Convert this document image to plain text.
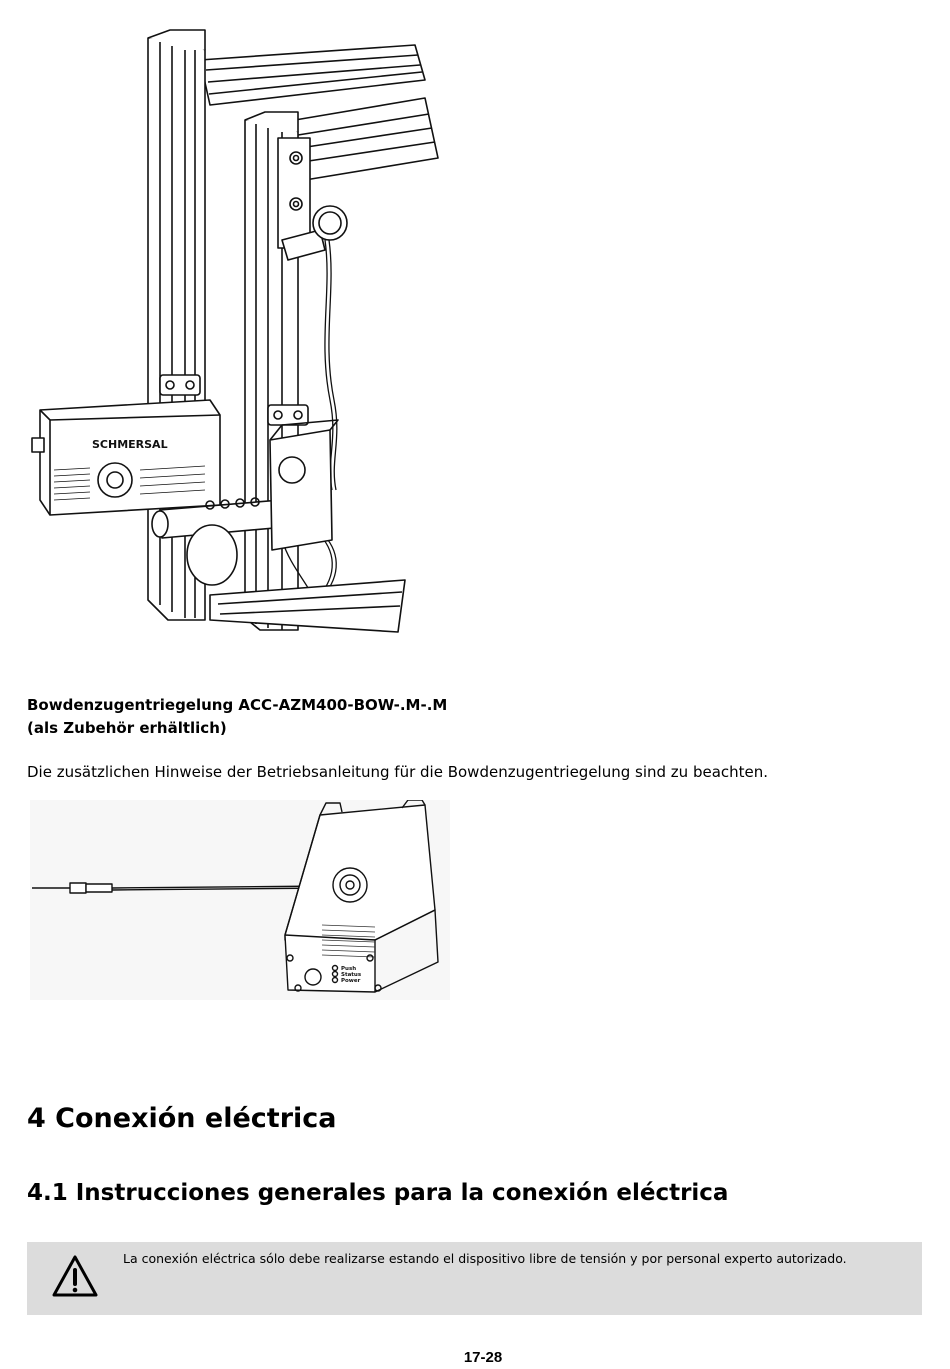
SCHMERSAL
Bowdenzugentriegelung ACC-AZM400-BOW-.M-.M
(als Zubehör erhältlich)
Die zusätzlichen Hinweise der Betriebsanleitung für die Bowdenzugentriegelung sind zu beachten.
Push
Status
Power
4 Conexión eléctrica
4.1 Instrucciones generales para la conexión eléctrica
La conexión eléctrica sólo debe realizarse estando el dispositivo libre de tensión y por personal experto autorizado.
17-28
